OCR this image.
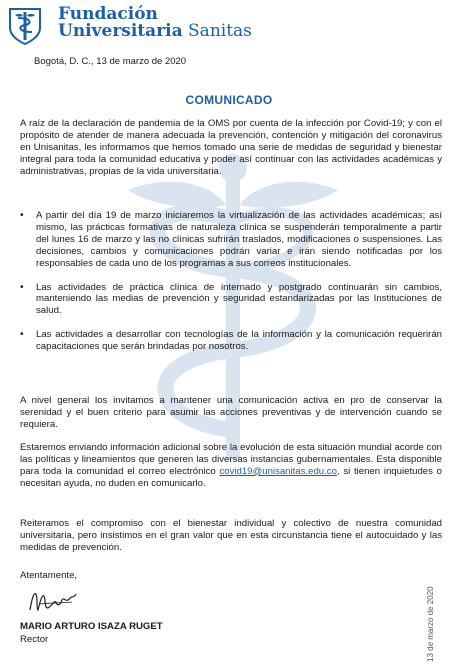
Fundación
Universitaria Sanitas
Bogotá, D. C., 13 de marzo de 2020
COMUNICADO

A raíz de la declaración de pandemia de la OMS por cuenta de la infección por Covid-19; y con el propósito de atender de manera adecuada la prevención, contención y mitigación del coronavirus en Unisanitas, les informamos que hemos tomado una serie de medidas de seguridad y bienestar integral para toda la comunidad educativa y poder así continuar con las actividades académicas y administrativas, propias de la vida universitaria.

• A partir del día 19 de marzo iniciaremos la virtualización de las actividades académicas; así mismo, las prácticas formativas de naturaleza clínica se suspenderán temporalmente a partir del lunes 16 de marzo y las no clínicas sufrirán traslados, modificaciones o suspensiones. Las decisiones, cambios y comunicaciones podrán variar e irán siendo notificadas por los responsables de cada uno de los programas a sus correos institucionales.
• Las actividades de práctica clínica de internado y postgrado continuarán sin cambios, manteniendo las medias de prevención y seguridad estandarizadas por las Instituciones de salud.
• Las actividades a desarrollar con tecnologías de la información y la comunicación requerirán capacitaciones que serán brindadas por nosotros.

A nivel general los invitamos a mantener una comunicación activa en pro de conservar la serenidad y el buen criterio para asumir las acciones preventivas y de intervención cuando se requiera.

Estaremos enviando información adicional sobre la evolución de esta situación mundial acorde con las políticas y lineamientos que generen las diversas instancias gubernamentales. Esta disponible para toda la comunidad el correo electrónico covid19@unisanitas.edu.co, si tienen inquietudes o necesitan ayuda, no duden en comunicarlo.

Reiteramos el compromiso con el bienestar individual y colectivo de nuestra comunidad universitaria, pero insistimos en el gran valor que en esta circunstancia tiene el autocuidado y las medidas de prevención.

Atentamente,
MARIO ARTURO ISAZA RUGET
Rector	13 de marzo de 2020
